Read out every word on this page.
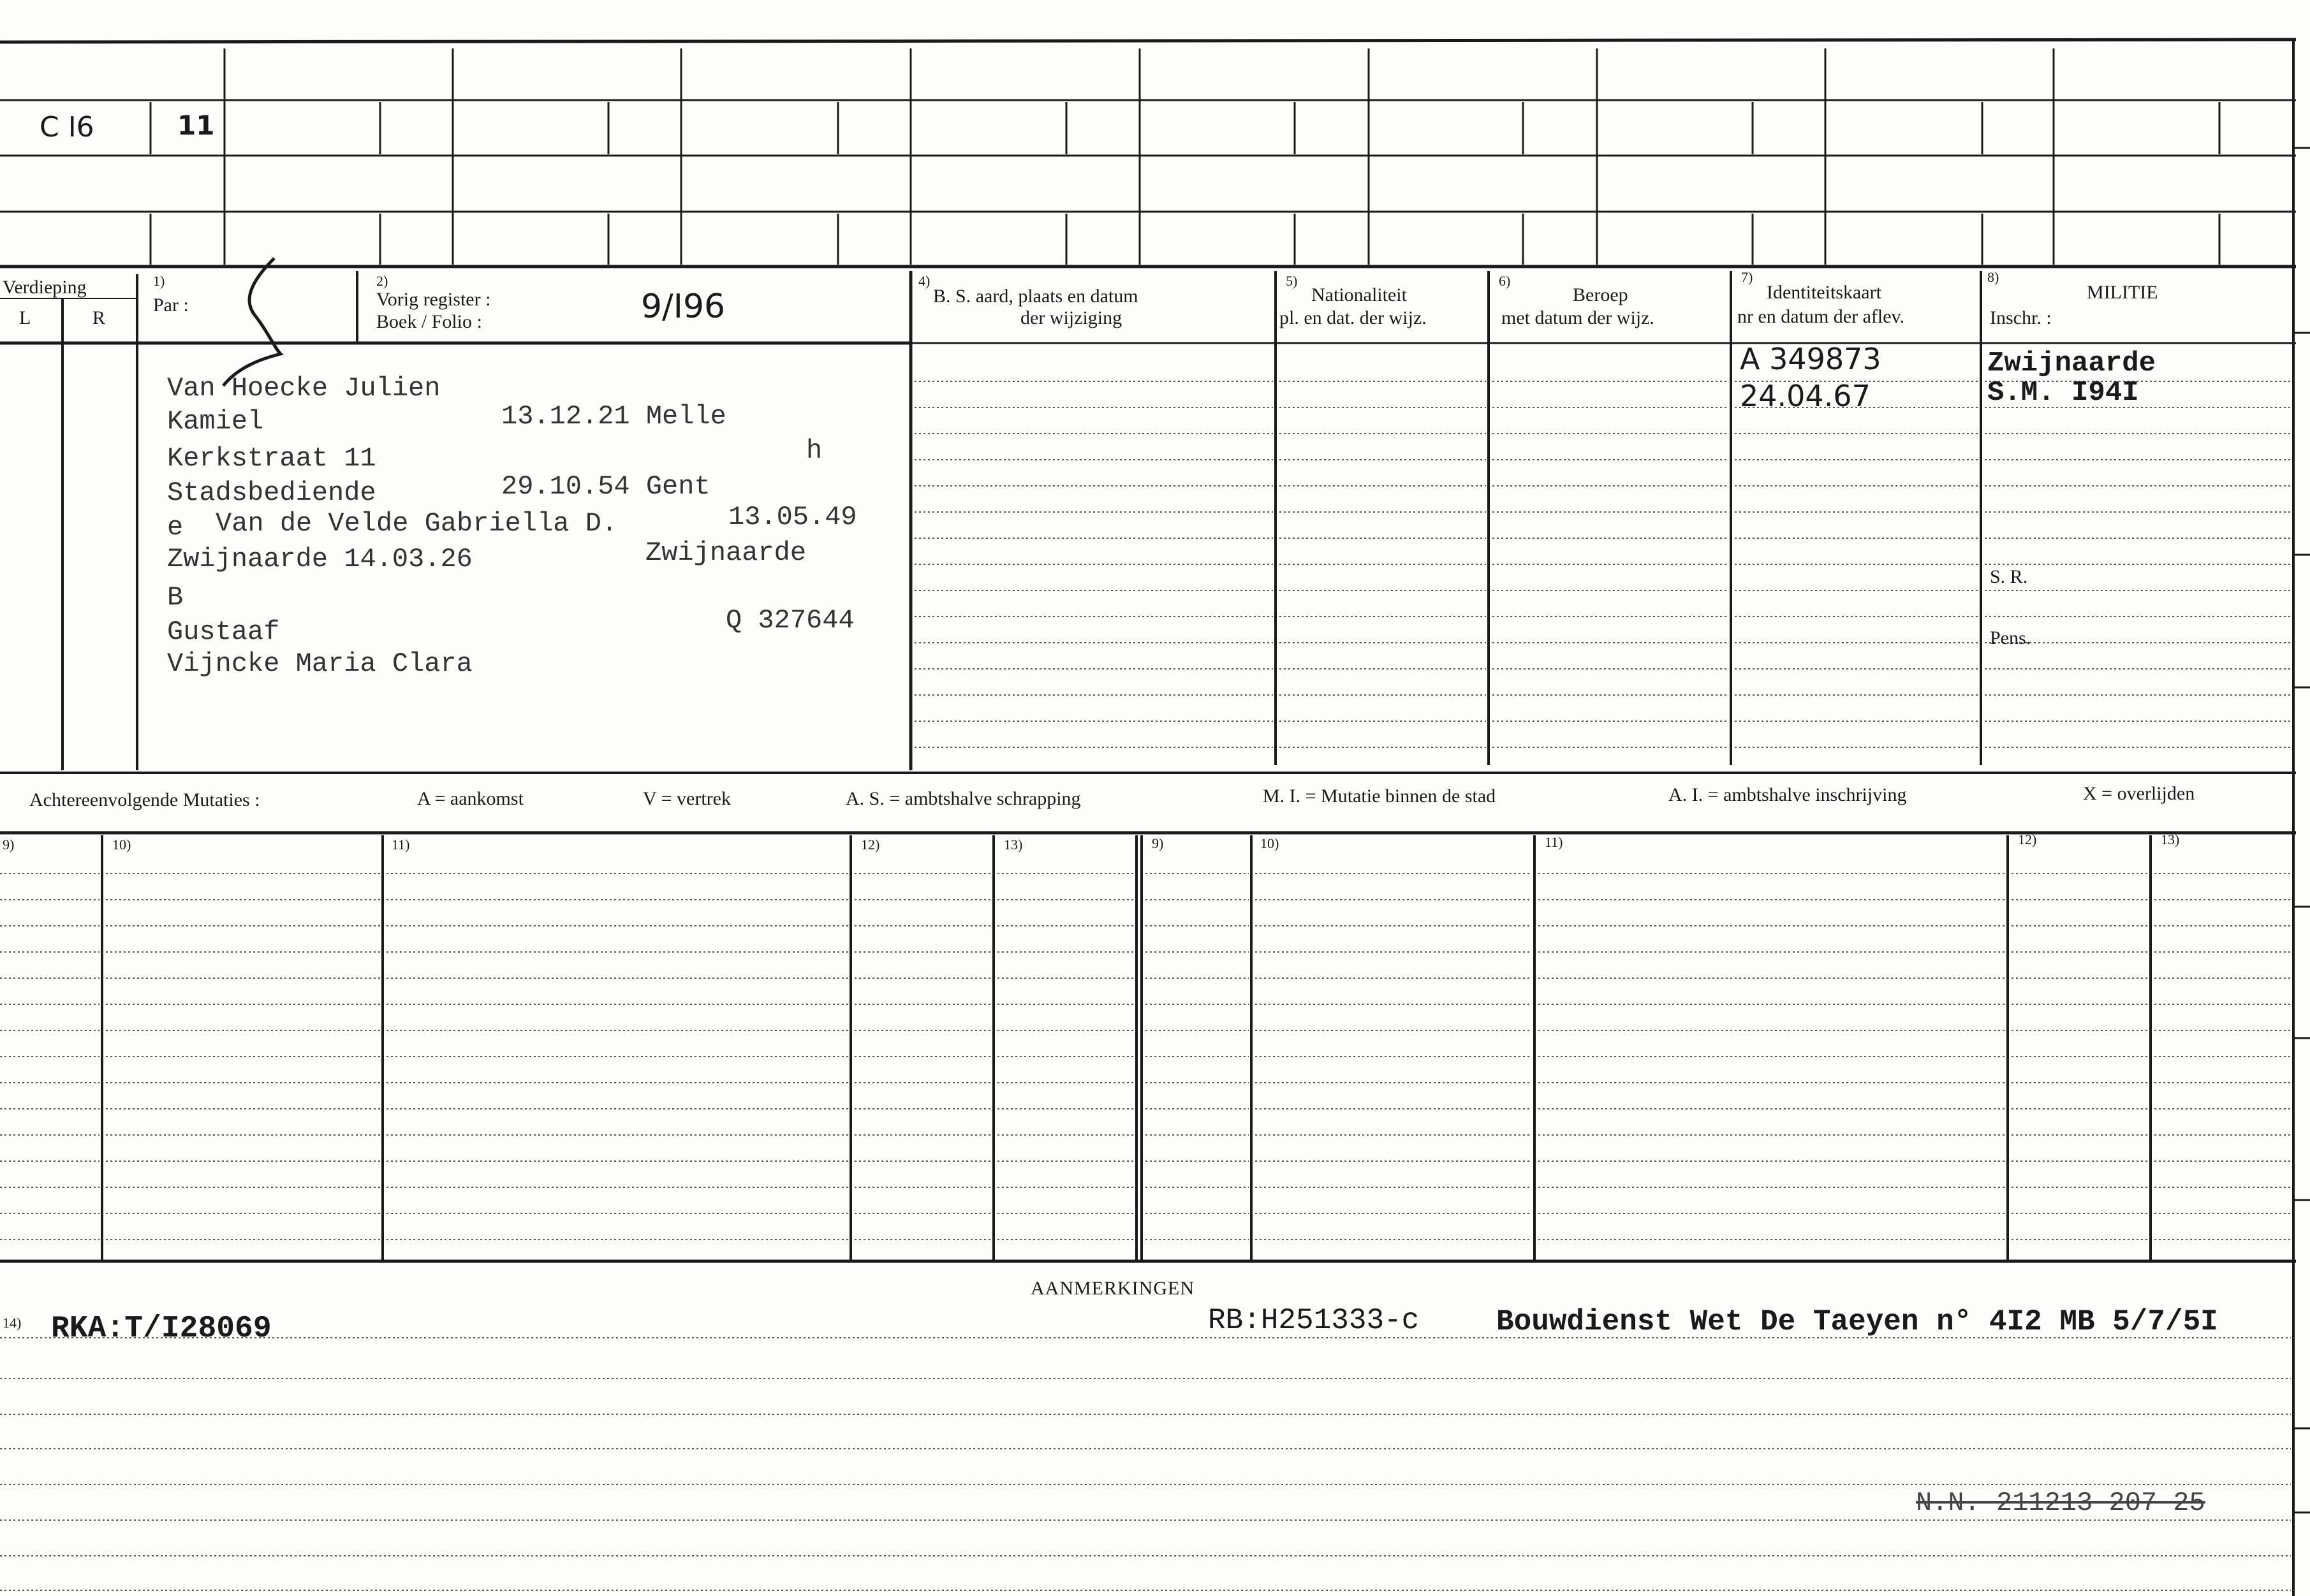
C I6	11
Verdieping
L	R
1)
Par :
2)
Vorig register :
Boek / Folio :	9/I96
4)
B. S. aard, plaats en datum
der wijziging
5)
Nationaliteit
pl. en dat. der wijz.
6)
Beroep
met datum der wijz.
7)
Identiteitskaart
nr en datum der aflev.
8)
MILITIE
Inschr. :
S. R.
Pens.
Van Hoecke Julien
Kamiel	13.12.21 Melle
Kerkstraat 11	h
Stadsbediende	29.10.54 Gent
e Van de Velde Gabriella D.	13.05.49
Zwijnaarde 14.03.26	Zwijnaarde
B
Gustaaf	Q 327644
Vijncke Maria Clara
A 349873
24.04.67
Zwijnaarde
S.M. I94I
Achtereenvolgende Mutaties :	A = aankomst	V = vertrek	A. S. = ambtshalve schrapping	M. I. = Mutatie binnen de stad	A. I. = ambtshalve inschrijving	X = overlijden
9)	10)	11)	12)	13)	9)	10)	11)	12)	13)
AANMERKINGEN
14) RKA:T/I28069	RB:H251333-c	Bouwdienst Wet De Taeyen n° 4I2 MB 5/7/5I
N.N. 211213 207 25
